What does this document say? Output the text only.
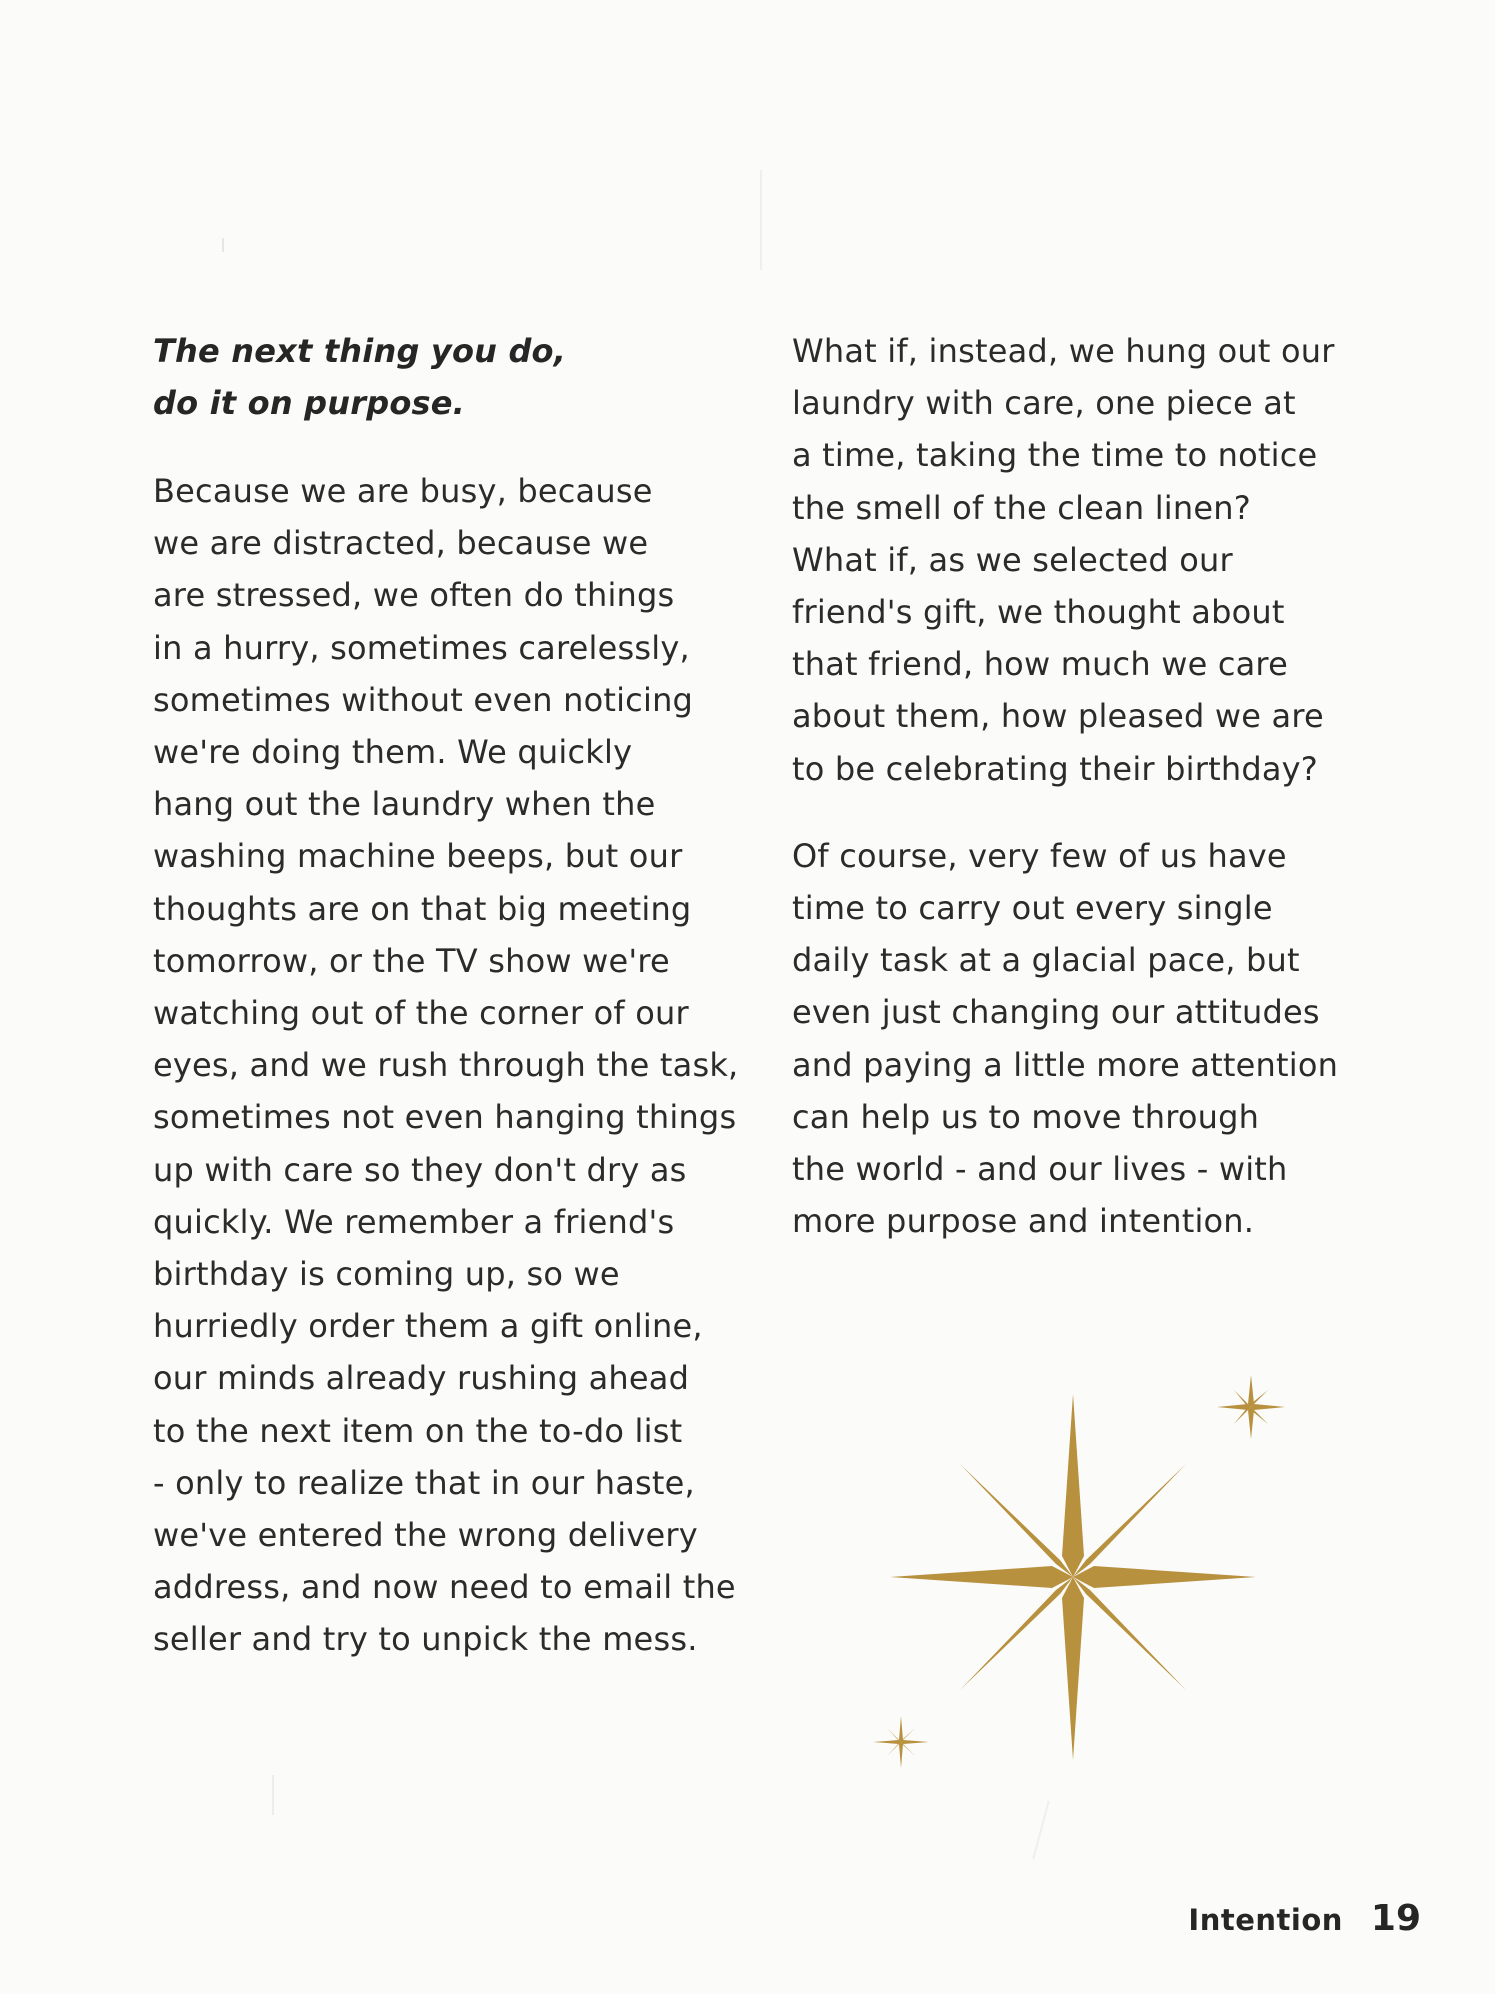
The next thing you do,
do it on purpose.
Because we are busy, because
we are distracted, because we
are stressed, we often do things
in a hurry, sometimes carelessly,
sometimes without even noticing
we're doing them. We quickly
hang out the laundry when the
washing machine beeps, but our
thoughts are on that big meeting
tomorrow, or the TV show we're
watching out of the corner of our
eyes, and we rush through the task,
sometimes not even hanging things
up with care so they don't dry as
quickly. We remember a friend's
birthday is coming up, so we
hurriedly order them a gift online,
our minds already rushing ahead
to the next item on the to-do list
- only to realize that in our haste,
we've entered the wrong delivery
address, and now need to email the
seller and try to unpick the mess.
What if, instead, we hung out our
laundry with care, one piece at
a time, taking the time to notice
the smell of the clean linen?
What if, as we selected our
friend's gift, we thought about
that friend, how much we care
about them, how pleased we are
to be celebrating their birthday?
Of course, very few of us have
time to carry out every single
daily task at a glacial pace, but
even just changing our attitudes
and paying a little more attention
can help us to move through
the world - and our lives - with
more purpose and intention.
Intention 19
